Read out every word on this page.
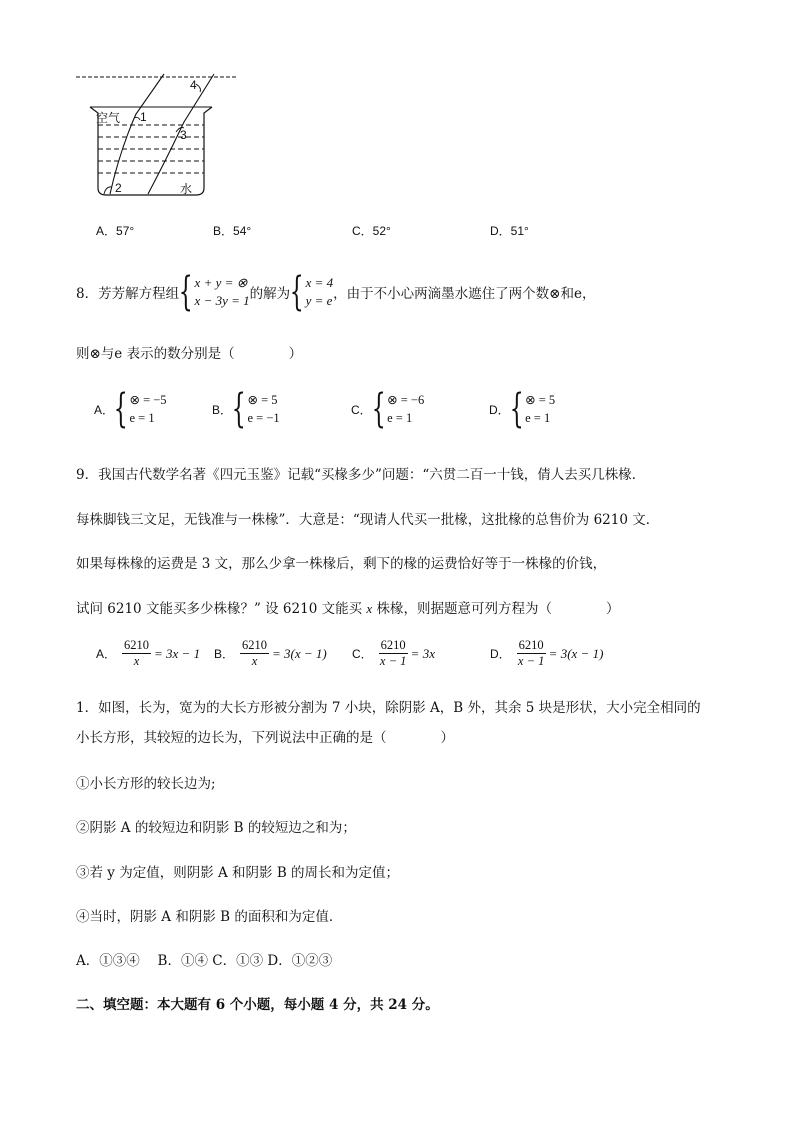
空气 1
2
3
4
水
A．57°	B．54°	C．52°	D．51°
8．芳芳解方程组 { x + y = ⊗
x − 3y = 1 的解为 { x = 4
y = e ，由于不小心两滴墨水遮住了两个数⊗和e，
则⊗与e 表示的数分别是（　　　　）
A． { ⊗ = −5
e = 1
B． { ⊗ = 5
e = −1
C． { ⊗ = −6
e = 1
D． { ⊗ = 5
e = 1
9．我国古代数学名著《四元玉鉴》记载“买椽多少”问题：“六贯二百一十钱，倩人去买几株椽．
每株脚钱三文足，无钱准与一株椽”．大意是：“现请人代买一批椽，这批椽的总售价为 6210 文．
如果每株椽的运费是 3 文，那么少拿一株椽后，剩下的椽的运费恰好等于一株椽的价钱，
试问 6210 文能买多少株椽？” 设 6210 文能买 x 株椽，则据题意可列方程为（　　　　）
A． $\frac{6210}{x} = 3x - 1$ B． $\frac{6210}{x} = 3(x - 1)$ C． $\frac{6210}{x - 1} = 3x$	D． $\frac{6210}{x - 1} = 3(x - 1)$
1．如图，长为，宽为的大长方形被分割为 7 小块，除阴影 A，B 外，其余 5 块是形状，大小完全相同的
小长方形，其较短的边长为，下列说法中正确的是（　　　　）
①小长方形的较长边为;
②阴影 A 的较短边和阴影 B 的较短边之和为；
③若 y 为定值，则阴影 A 和阴影 B 的周长和为定值；
④当时，阴影 A 和阴影 B 的面积和为定值．
A．①③④　 B．①④ C．①③ D．①②③
二、填空题：本大题有 6 个小题，每小题 4 分，共 24 分。
